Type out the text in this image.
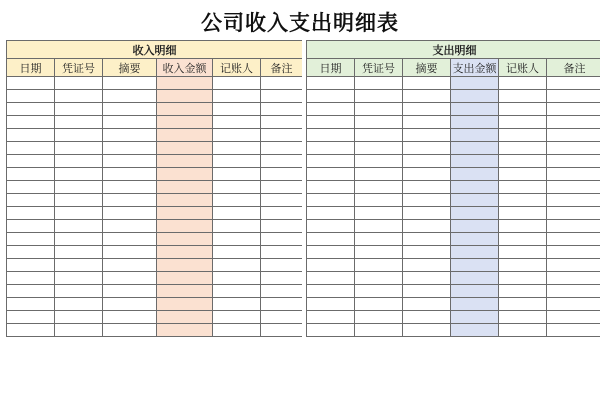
公司收入支出明细表
收入明细					
日期	凭证号	摘要	收入金额	记账人	备注

支出明细					
日期	凭证号	摘要	支出金额	记账人	备注
